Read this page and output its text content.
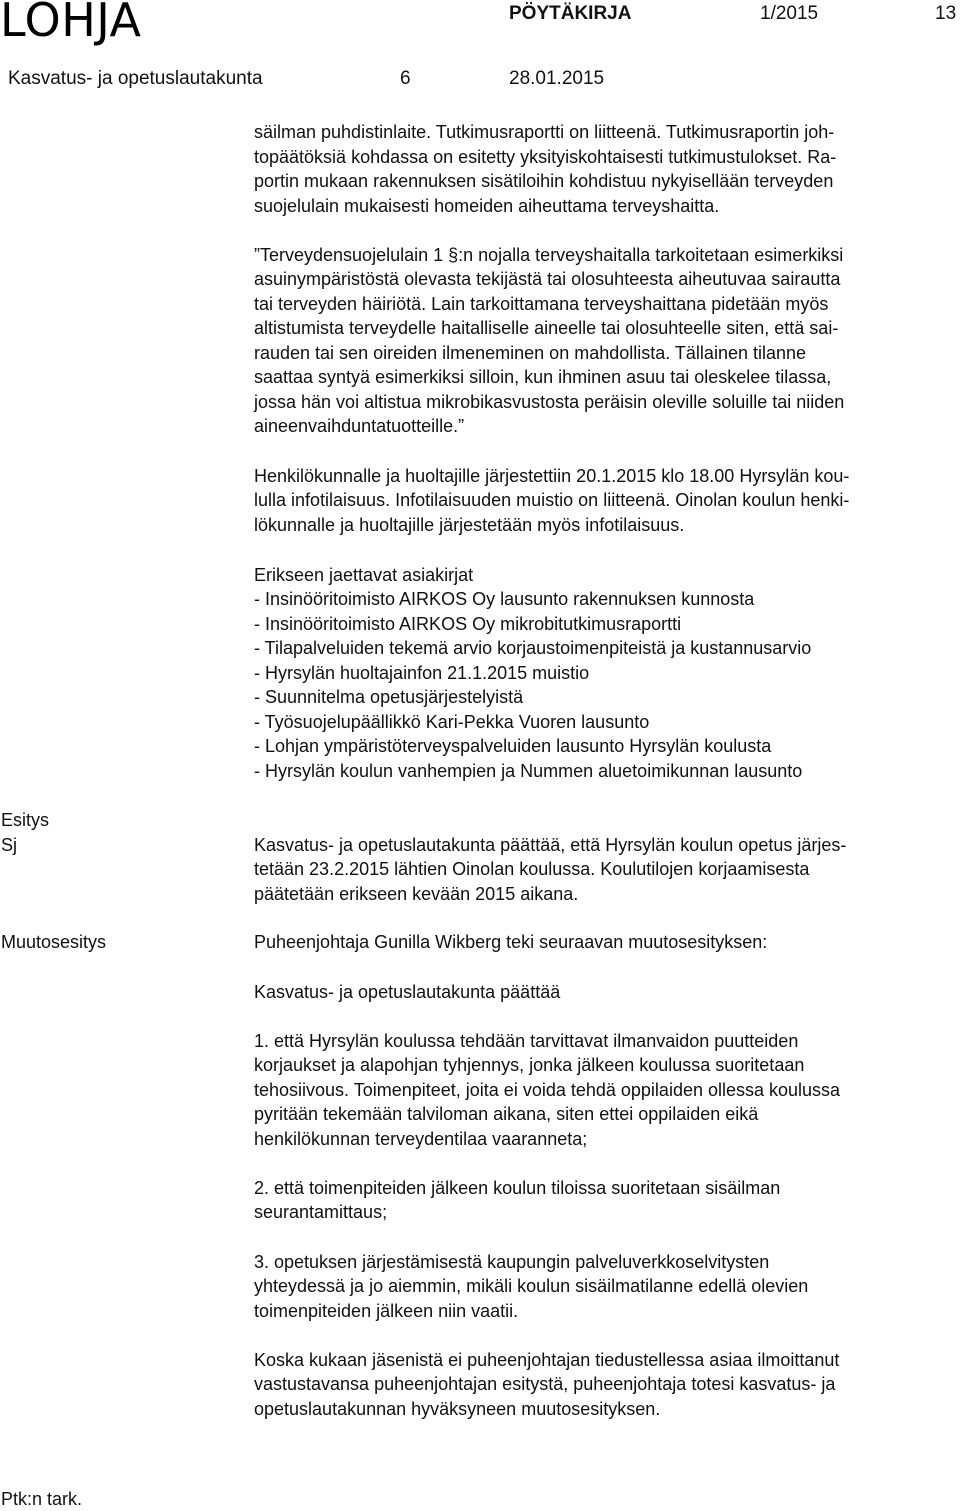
LOHJA	PÖYTÄKIRJA	1/2015	13
Kasvatus- ja opetuslautakunta	6	28.01.2015
säilman puhdistinlaite. Tutkimusraportti on liitteenä. Tutkimusraportin joh-
topäätöksiä kohdassa on esitetty yksityiskohtaisesti tutkimustulokset. Ra-
portin mukaan rakennuksen sisätiloihin kohdistuu nykyisellään terveyden
suojelulain mukaisesti homeiden aiheuttama terveyshaitta.
”Terveydensuojelulain 1 §:n nojalla terveyshaitalla tarkoitetaan esimerkiksi
asuinympäristöstä olevasta tekijästä tai olosuhteesta aiheutuvaa sairautta
tai terveyden häiriötä. Lain tarkoittamana terveyshaittana pidetään myös
altistumista terveydelle haitalliselle aineelle tai olosuhteelle siten, että sai-
rauden tai sen oireiden ilmeneminen on mahdollista. Tällainen tilanne
saattaa syntyä esimerkiksi silloin, kun ihminen asuu tai oleskelee tilassa,
jossa hän voi altistua mikrobikasvustosta peräisin oleville soluille tai niiden
aineenvaihduntatuotteille.”
Henkilökunnalle ja huoltajille järjestettiin 20.1.2015 klo 18.00 Hyrsylän kou-
lulla infotilaisuus. Infotilaisuuden muistio on liitteenä. Oinolan koulun henki-
lökunnalle ja huoltajille järjestetään myös infotilaisuus.
Erikseen jaettavat asiakirjat
- Insinööritoimisto AIRKOS Oy lausunto rakennuksen kunnosta
- Insinööritoimisto AIRKOS Oy mikrobitutkimusraportti
- Tilapalveluiden tekemä arvio korjaustoimenpiteistä ja kustannusarvio
- Hyrsylän huoltajainfon 21.1.2015 muistio
- Suunnitelma opetusjärjestelyistä
- Työsuojelupäällikkö Kari-Pekka Vuoren lausunto
- Lohjan ympäristöterveyspalveluiden lausunto Hyrsylän koulusta
- Hyrsylän koulun vanhempien ja Nummen aluetoimikunnan lausunto
Esitys
Sj
Muutosesitys
Ptk:n tark.
Kasvatus- ja opetuslautakunta päättää, että Hyrsylän koulun opetus järjes-
tetään 23.2.2015 lähtien Oinolan koulussa. Koulutilojen korjaamisesta
päätetään erikseen kevään 2015 aikana.
Puheenjohtaja Gunilla Wikberg teki seuraavan muutosesityksen:
Kasvatus- ja opetuslautakunta päättää
1. että Hyrsylän koulussa tehdään tarvittavat ilmanvaidon puutteiden
korjaukset ja alapohjan tyhjennys, jonka jälkeen koulussa suoritetaan
tehosiivous. Toimenpiteet, joita ei voida tehdä oppilaiden ollessa koulussa
pyritään tekemään talviloman aikana, siten ettei oppilaiden eikä
henkilökunnan terveydentilaa vaaranneta;
2. että toimenpiteiden jälkeen koulun tiloissa suoritetaan sisäilman
seurantamittaus;
3. opetuksen järjestämisestä kaupungin palveluverkkoselvitysten
yhteydessä ja jo aiemmin, mikäli koulun sisäilmatilanne edellä olevien
toimenpiteiden jälkeen niin vaatii.
Koska kukaan jäsenistä ei puheenjohtajan tiedustellessa asiaa ilmoittanut
vastustavansa puheenjohtajan esitystä, puheenjohtaja totesi kasvatus- ja
opetuslautakunnan hyväksyneen muutosesityksen.
